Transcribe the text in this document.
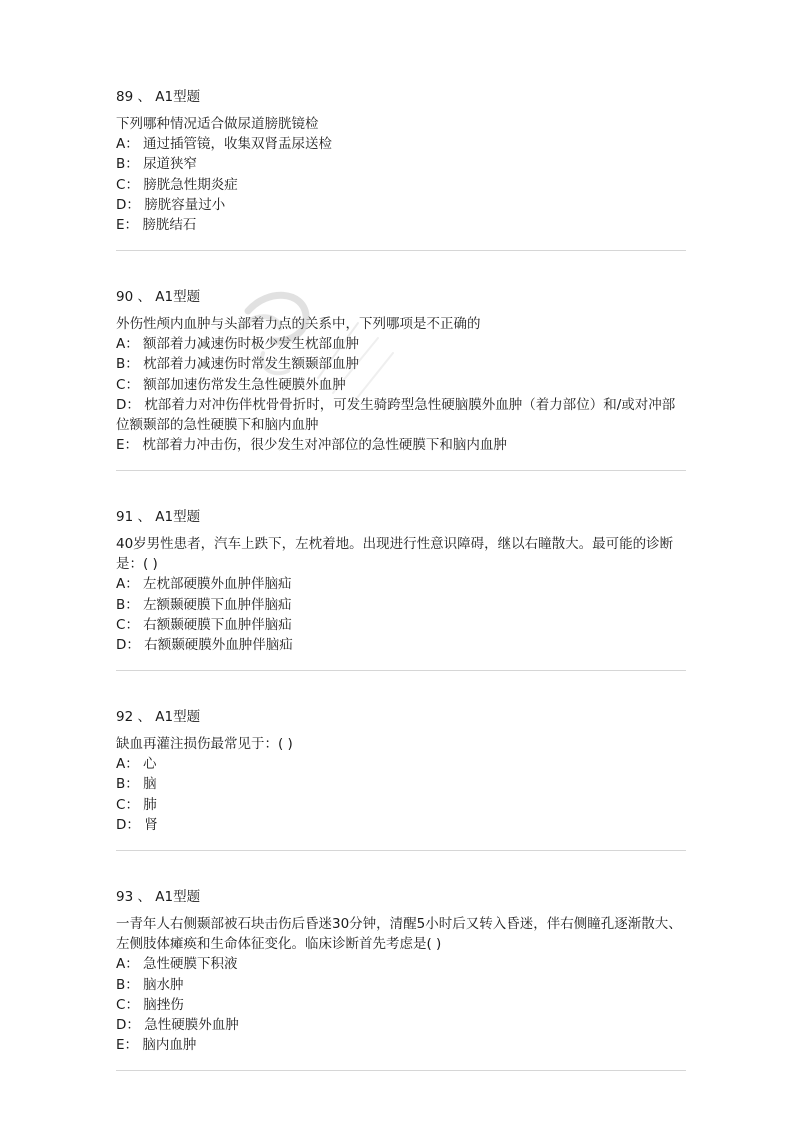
89 、 A1型题
下列哪种情况适合做尿道膀胱镜检
A： 通过插管镜，收集双肾盂尿送检
B： 尿道狭窄
C： 膀胱急性期炎症
D： 膀胱容量过小
E： 膀胱结石
90 、 A1型题
外伤性颅内血肿与头部着力点的关系中，下列哪项是不正确的
A： 额部着力减速伤时极少发生枕部血肿
B： 枕部着力减速伤时常发生额颞部血肿
C： 额部加速伤常发生急性硬膜外血肿
D： 枕部着力对冲伤伴枕骨骨折时，可发生骑跨型急性硬脑膜外血肿（着力部位）和/或对冲部位额颞部的急性硬膜下和脑内血肿
E： 枕部着力冲击伤，很少发生对冲部位的急性硬膜下和脑内血肿
91 、 A1型题
40岁男性患者，汽车上跌下，左枕着地。出现进行性意识障碍，继以右瞳散大。最可能的诊断是：( )
A： 左枕部硬膜外血肿伴脑疝
B： 左额颞硬膜下血肿伴脑疝
C： 右额颞硬膜下血肿伴脑疝
D： 右额颞硬膜外血肿伴脑疝
92 、 A1型题
缺血再灌注损伤最常见于：( )
A： 心
B： 脑
C： 肺
D： 肾
93 、 A1型题
一青年人右侧颞部被石块击伤后昏迷30分钟，清醒5小时后又转入昏迷，伴右侧瞳孔逐渐散大、左侧肢体瘫痪和生命体征变化。临床诊断首先考虑是( )
A： 急性硬膜下积液
B： 脑水肿
C： 脑挫伤
D： 急性硬膜外血肿
E： 脑内血肿
